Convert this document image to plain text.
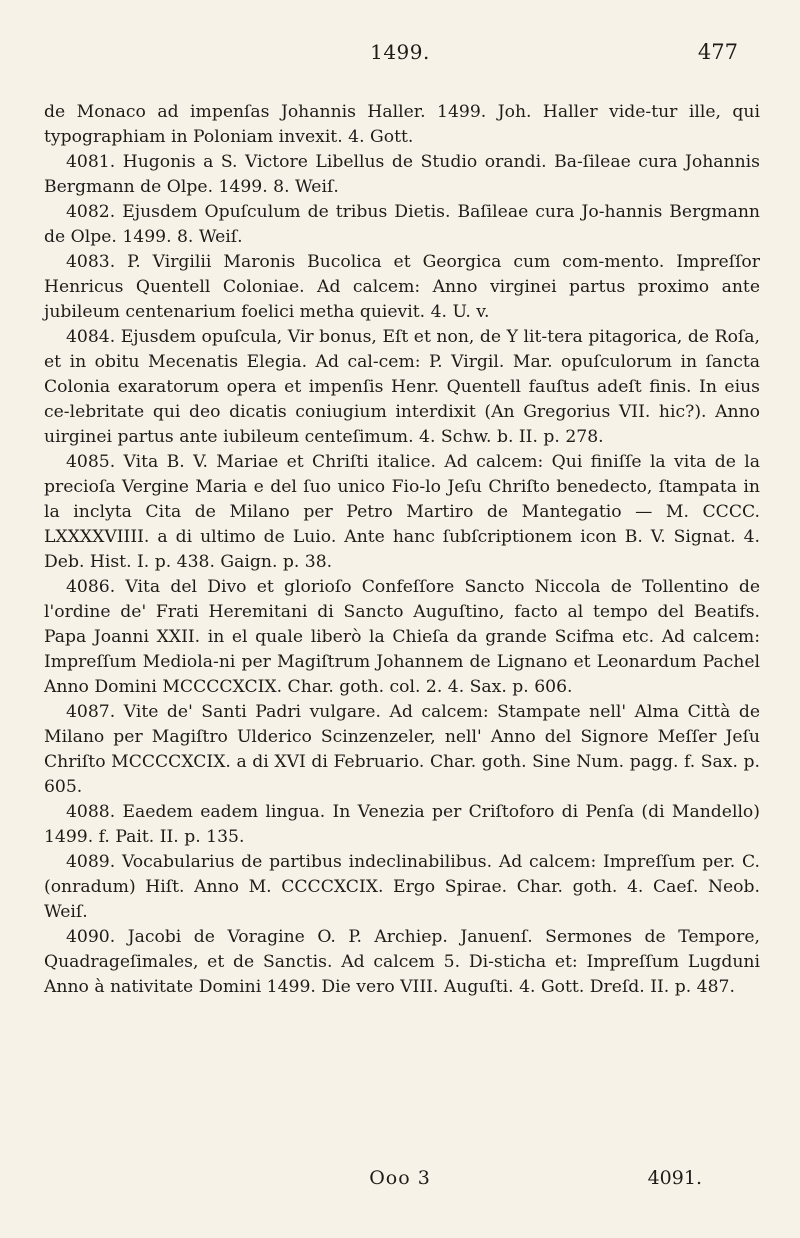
1499.	477

de Monaco ad impenſas Johannis Haller. 1499. Joh. Haller vide-tur ille, qui typographiam in Poloniam invexit. 4. Gott.

4081. Hugonis a S. Victore Libellus de Studio orandi. Ba-ſileae cura Johannis Bergmann de Olpe. 1499. 8. Weiſ.

4082. Ejusdem Opuſculum de tribus Dietis. Baſileae cura Jo-hannis Bergmann de Olpe. 1499. 8. Weiſ.

4083. P. Virgilii Maronis Bucolica et Georgica cum com-mento. Impreſſor Henricus Quentell Coloniae. Ad calcem: Anno virginei partus proximo ante jubileum centenarium foelici metha quievit. 4. U. v.

4084. Ejusdem opuſcula, Vir bonus, Eſt et non, de Y lit-tera pitagorica, de Roſa, et in obitu Mecenatis Elegia. Ad cal-cem: P. Virgil. Mar. opuſculorum in ſancta Colonia exaratorum opera et impenſis Henr. Quentell fauſtus adeſt finis. In eius ce-lebritate qui deo dicatis coniugium interdixit (An Gregorius VII. hic?). Anno uirginei partus ante iubileum centeſimum. 4. Schw. b. II. p. 278.

4085. Vita B. V. Mariae et Chriſti italice. Ad calcem: Qui finiſſe la vita de la precioſa Vergine Maria e del ſuo unico Fio-lo Jeſu Chriſto benedecto, ſtampata in la inclyta Cita de Milano per Petro Martiro de Mantegatio — M. CCCC. LXXXXVIIII. a di ultimo de Luio. Ante hanc ſubſcriptionem icon B. V. Signat. 4. Deb. Hist. I. p. 438. Gaign. p. 38.

4086. Vita del Divo et glorioſo Confeſſore Sancto Niccola de Tollentino de l'ordine de' Frati Heremitani di Sancto Auguſtino, facto al tempo del Beatifs. Papa Joanni XXII. in el quale liberò la Chieſa da grande Scifma etc. Ad calcem: Impreſſum Mediola-ni per Magiſtrum Johannem de Lignano et Leonardum Pachel Anno Domini MCCCCXCIX. Char. goth. col. 2. 4. Sax. p. 606.

4087. Vite de' Santi Padri vulgare. Ad calcem: Stampate nell' Alma Città de Milano per Magiſtro Ulderico Scinzenzeler, nell' Anno del Signore Meſſer Jeſu Chriſto MCCCCXCIX. a di XVI di Februario. Char. goth. Sine Num. pagg. f. Sax. p. 605.

4088. Eaedem eadem lingua. In Venezia per Criſtoforo di Penſa (di Mandello) 1499. f. Pait. II. p. 135.

4089. Vocabularius de partibus indeclinabilibus. Ad calcem: Impreſſum per. C. (onradum) Hiſt. Anno M. CCCCXCIX. Ergo Spirae. Char. goth. 4. Caeſ. Neob. Weiſ.

4090. Jacobi de Voragine O. P. Archiep. Januenſ. Sermones de Tempore, Quadrageſimales, et de Sanctis. Ad calcem 5. Di-sticha et: Impreſſum Lugduni Anno à nativitate Domini 1499. Die vero VIII. Auguſti. 4. Gott. Dreſd. II. p. 487.

Ooo 3	4091.
